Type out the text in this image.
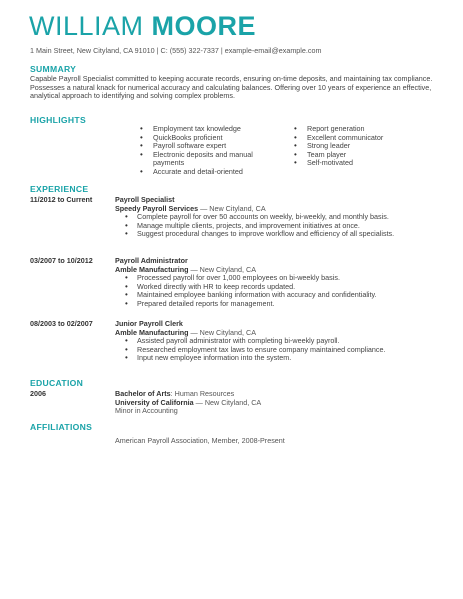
WILLIAM MOORE
1 Main Street, New Cityland, CA 91010 | C: (555) 322-7337 | example-email@example.com
SUMMARY
Capable Payroll Specialist committed to keeping accurate records, ensuring on-time deposits, and maintaining tax compliance. Possesses a natural knack for numerical accuracy and calculating balances. Offering over 10 years of experience an effective, analytical approach to identifying and solving complex problems.
HIGHLIGHTS
• Employment tax knowledge
• QuickBooks proficient
• Payroll software expert
• Electronic deposits and manual payments
• Accurate and detail-oriented
• Report generation
• Excellent communicator
• Strong leader
• Team player
• Self-motivated
EXPERIENCE
11/2012 to Current	Payroll Specialist
Speedy Payroll Services — New Cityland, CA
• Complete payroll for over 50 accounts on weekly, bi-weekly, and monthly basis.
• Manage multiple clients, projects, and improvement initiatives at once.
• Suggest procedural changes to improve workflow and efficiency of all specialists.
03/2007 to 10/2012	Payroll Administrator
Amble Manufacturing — New Cityland, CA
• Processed payroll for over 1,000 employees on bi-weekly basis.
• Worked directly with HR to keep records updated.
• Maintained employee banking information with accuracy and confidentiality.
• Prepared detailed reports for management.
08/2003 to 02/2007	Junior Payroll Clerk
Amble Manufacturing — New Cityland, CA
• Assisted payroll administrator with completing bi-weekly payroll.
• Researched employment tax laws to ensure company maintained compliance.
• Input new employee information into the system.
EDUCATION
2006	Bachelor of Arts: Human Resources
University of California — New Cityland, CA
Minor in Accounting
AFFILIATIONS
American Payroll Association, Member, 2008-Present
